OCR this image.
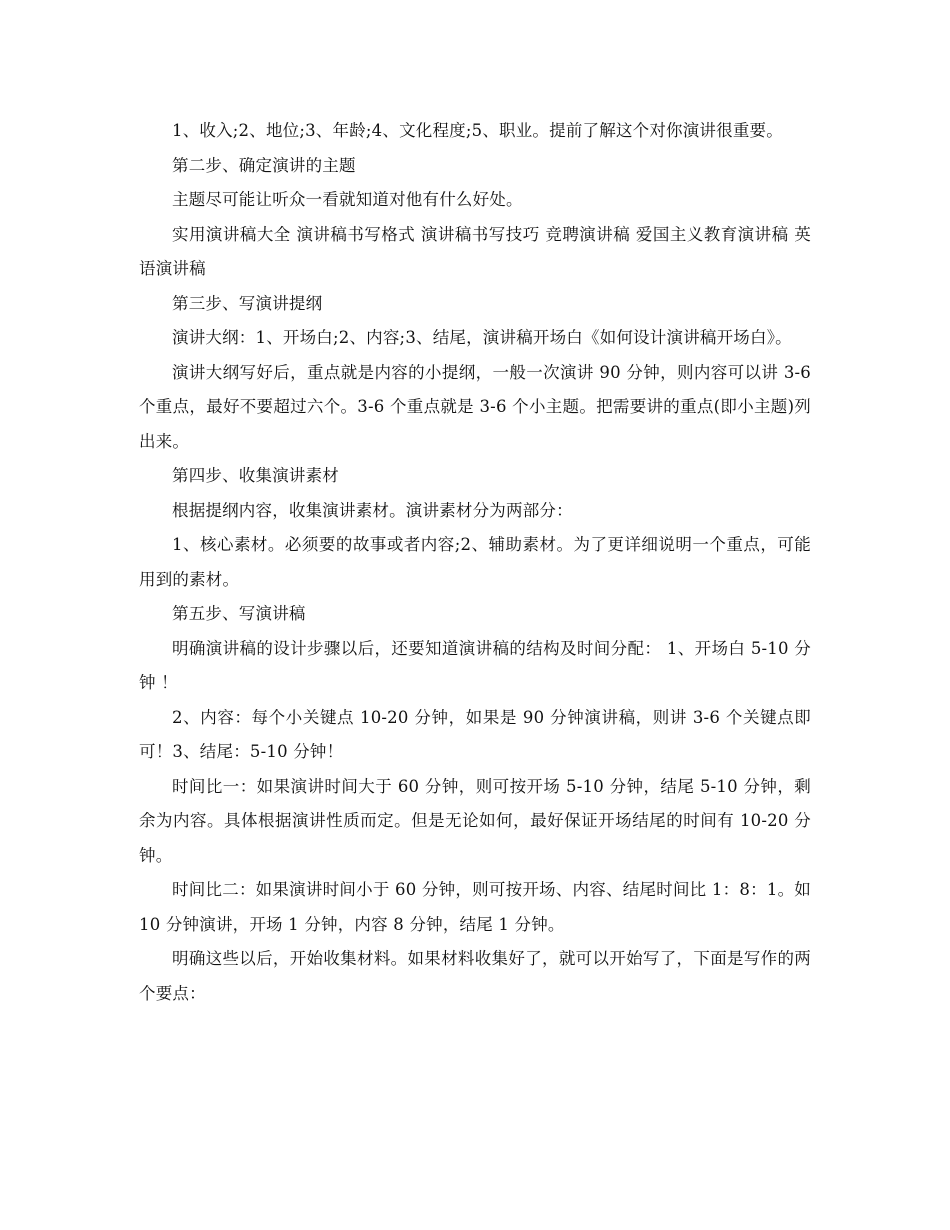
1、收入;2、地位;3、年龄;4、文化程度;5、职业。提前了解这个对你演讲很重要。

第二步、确定演讲的主题

主题尽可能让听众一看就知道对他有什么好处。

实用演讲稿大全 演讲稿书写格式 演讲稿书写技巧 竞聘演讲稿 爱国主义教育演讲稿 英语演讲稿

第三步、写演讲提纲

演讲大纲：1、开场白;2、内容;3、结尾，演讲稿开场白《如何设计演讲稿开场白》。

演讲大纲写好后，重点就是内容的小提纲，一般一次演讲 90 分钟，则内容可以讲 3-6 个重点，最好不要超过六个。3-6 个重点就是 3-6 个小主题。把需要讲的重点(即小主题)列出来。

第四步、收集演讲素材

根据提纲内容，收集演讲素材。演讲素材分为两部分：

1、核心素材。必须要的故事或者内容;2、辅助素材。为了更详细说明一个重点，可能用到的素材。

第五步、写演讲稿

明确演讲稿的设计步骤以后，还要知道演讲稿的结构及时间分配： 1、开场白 5-10 分钟 ！

2、内容：每个小关键点 10-20 分钟，如果是 90 分钟演讲稿，则讲 3-6 个关键点即可！3、结尾：5-10 分钟！

时间比一：如果演讲时间大于 60 分钟，则可按开场 5-10 分钟，结尾 5-10 分钟，剩余为内容。具体根据演讲性质而定。但是无论如何，最好保证开场结尾的时间有 10-20 分钟。

时间比二：如果演讲时间小于 60 分钟，则可按开场、内容、结尾时间比 1：8：1。如 10 分钟演讲，开场 1 分钟，内容 8 分钟，结尾 1 分钟。

明确这些以后，开始收集材料。如果材料收集好了，就可以开始写了，下面是写作的两个要点：
